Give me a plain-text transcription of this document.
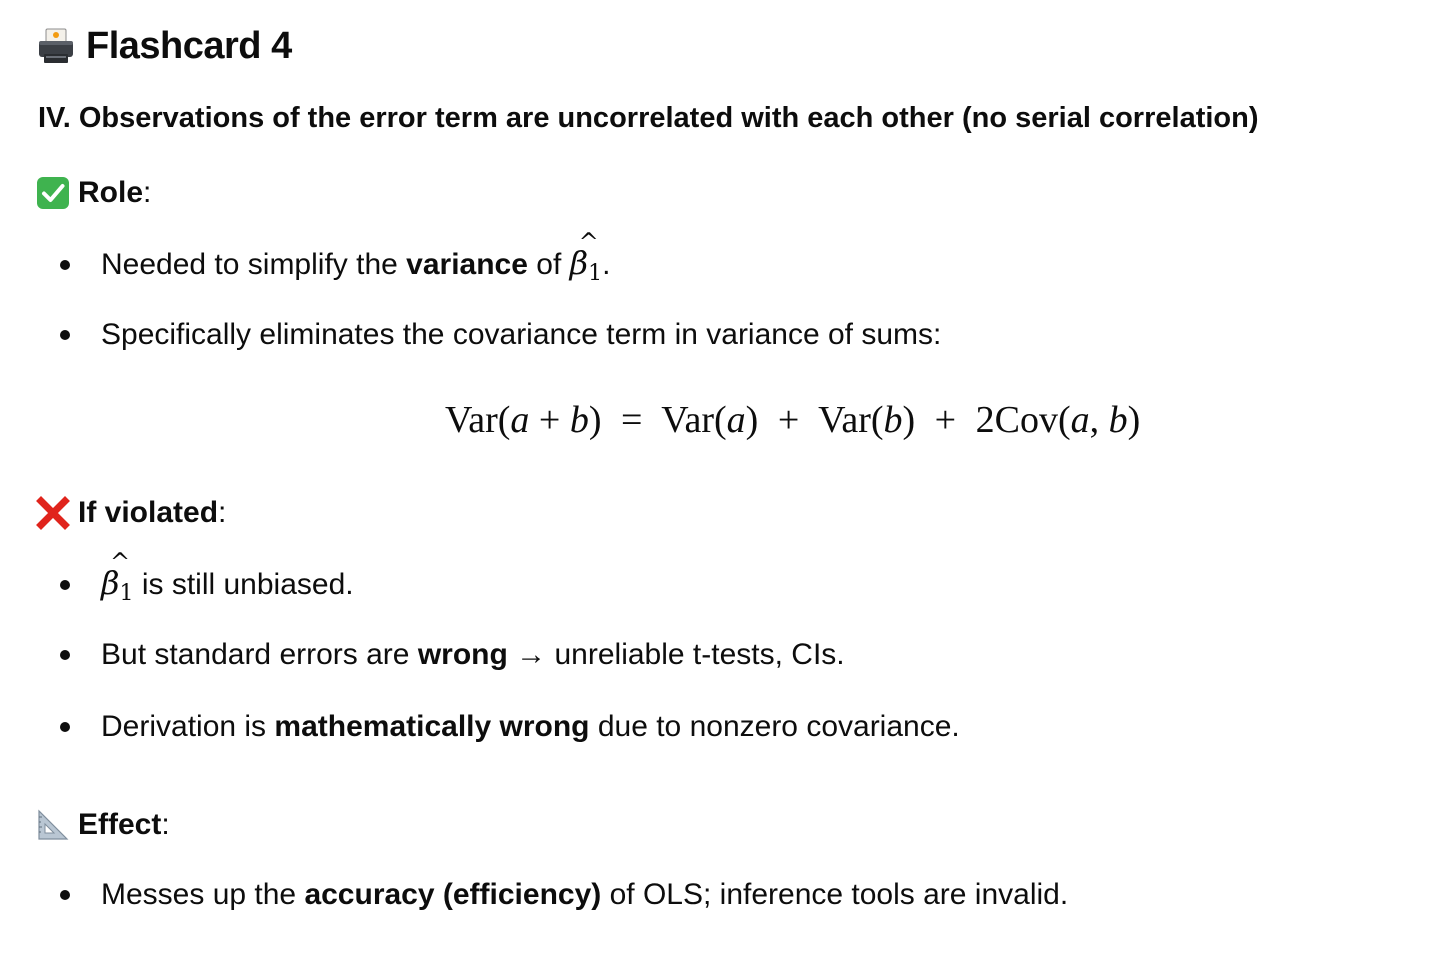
Flashcard 4
IV. Observations of the error term are uncorrelated with each other (no serial correlation)
Role :
Needed to simplify the variance of β
^
$_1$.
Specifically eliminates the covariance term in variance of sums:
Var(a + b) = Var(a) + Var(b) + 2Cov(a, b)
If violated :
β
^
$_1$ is still unbiased.
But standard errors are wrong → unreliable t-tests, CIs.
Derivation is mathematically wrong due to nonzero covariance.
Effect :
Messes up the accuracy (efficiency) of OLS; inference tools are invalid.
